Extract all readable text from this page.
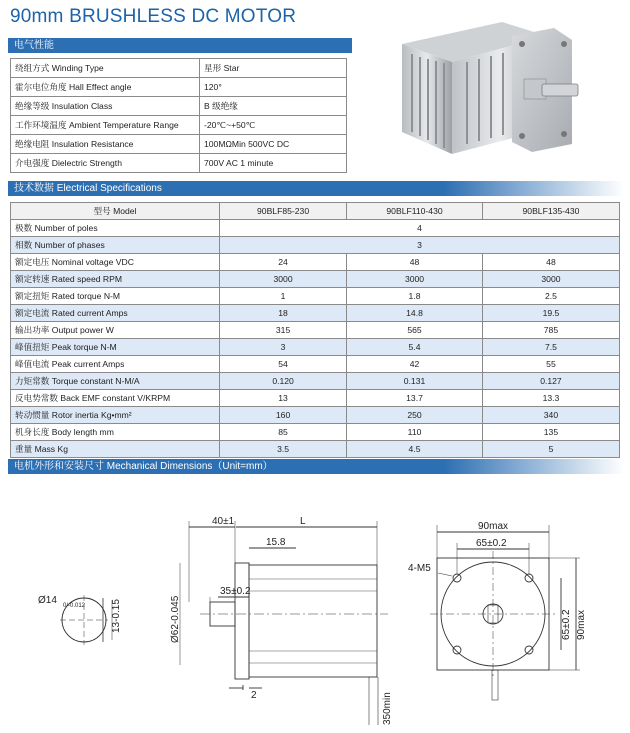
90mm BRUSHLESS DC MOTOR
电气性能
绕组方式 Winding Type	星形 Star
霍尔电位角度 Hall Effect angle	120°
绝缘等级 Insulation Class	B 级绝缘
工作环境温度 Ambient Temperature Range	-20℃~+50℃
绝缘电阻 Insulation Resistance	100MΩMin 500VC DC
介电强度 Dielectric Strength	700V AC 1 minute
技术数据 Electrical Specifications
型号 Model	90BLF85-230	90BLF110-430	90BLF135-430
极数 Number of poles	4		
相数 Number of phases	3		
额定电压 Nominal voltage VDC	24	48	48
额定转速 Rated speed RPM	3000	3000	3000
额定扭矩 Rated torque N-M	1	1.8	2.5
额定电流 Rated current Amps	18	14.8	19.5
输出功率 Output power W	315	565	785
峰值扭矩 Peak torque N-M	3	5.4	7.5
峰值电流 Peak current Amps	54	42	55
力矩常数 Torque constant N-M/A	0.120	0.131	0.127
反电势常数 Back EMF constant V/KRPM	13	13.7	13.3
转动惯量 Rotor inertia Kg•mm²	160	250	340
机身长度 Body length mm	85	110	135
重量 Mass Kg	3.5	4.5	5
电机外形和安装尺寸 Mechanical Dimensions（Unit=mm）
40±1	L
15.8
35±0.2
Ø14 0/-0.012	13-0.15	Ø62-0.045
2	350min
90max
65±0.2
4-M5
65±0.2 90max
